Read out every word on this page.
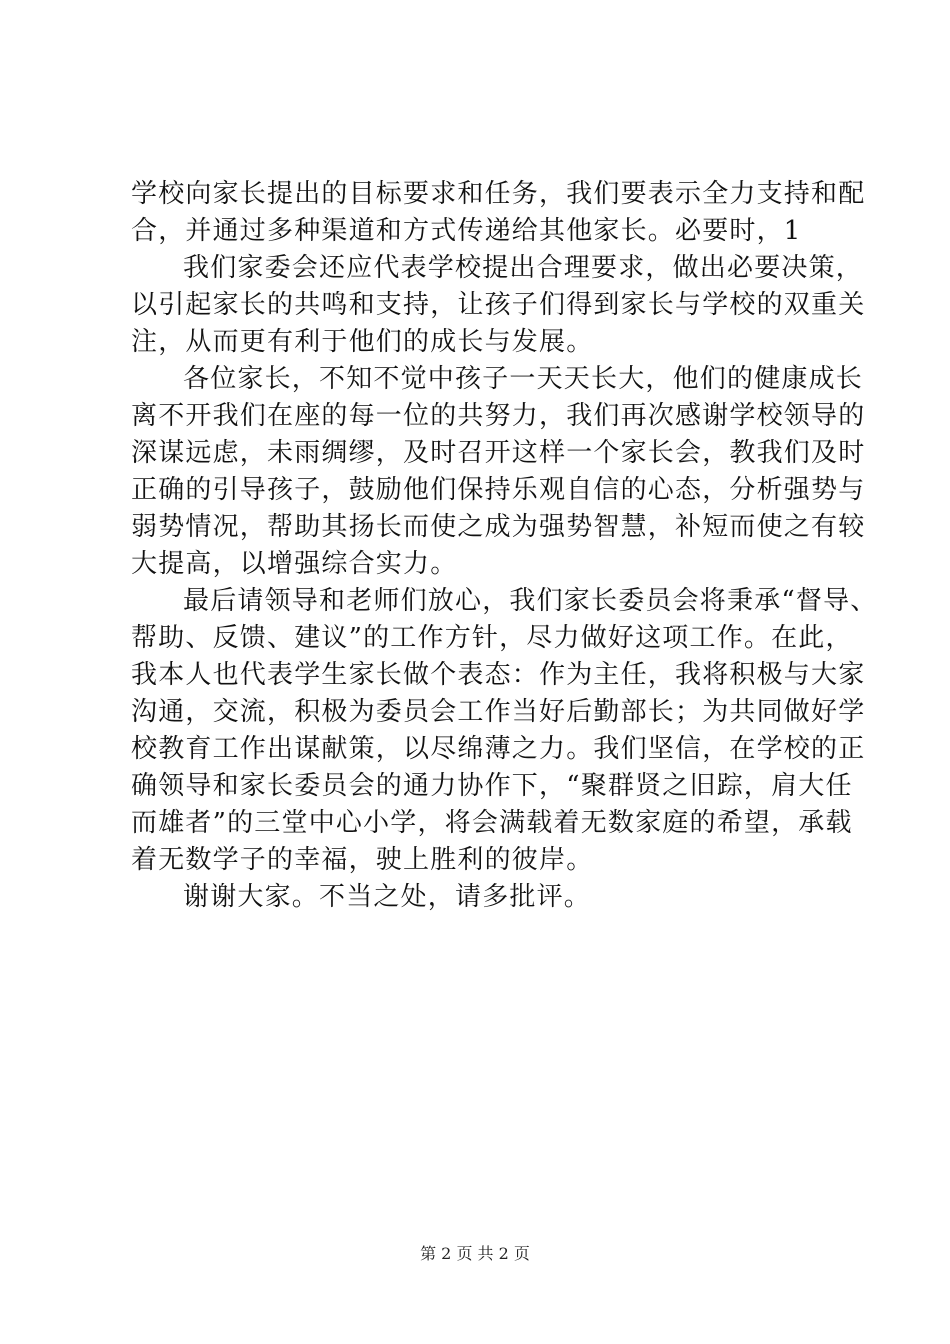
学校向家长提出的目标要求和任务，我们要表示全力支持和配
合，并通过多种渠道和方式传递给其他家长。必要时，1
我们家委会还应代表学校提出合理要求，做出必要决策，
以引起家长的共鸣和支持，让孩子们得到家长与学校的双重关
注，从而更有利于他们的成长与发展。
各位家长，不知不觉中孩子一天天长大，他们的健康成长
离不开我们在座的每一位的共努力，我们再次感谢学校领导的
深谋远虑，未雨绸缪，及时召开这样一个家长会，教我们及时
正确的引导孩子，鼓励他们保持乐观自信的心态，分析强势与
弱势情况，帮助其扬长而使之成为强势智慧，补短而使之有较
大提高，以增强综合实力。
最后请领导和老师们放心，我们家长委员会将秉承“督导、
帮助、反馈、建议”的工作方针，尽力做好这项工作。在此，
我本人也代表学生家长做个表态：作为主任，我将积极与大家
沟通，交流，积极为委员会工作当好后勤部长；为共同做好学
校教育工作出谋献策，以尽绵薄之力。我们坚信，在学校的正
确领导和家长委员会的通力协作下，“聚群贤之旧踪，肩大任
而雄者”的三堂中心小学，将会满载着无数家庭的希望，承载
着无数学子的幸福，驶上胜利的彼岸。
谢谢大家。不当之处，请多批评。
第 2 页 共 2 页
